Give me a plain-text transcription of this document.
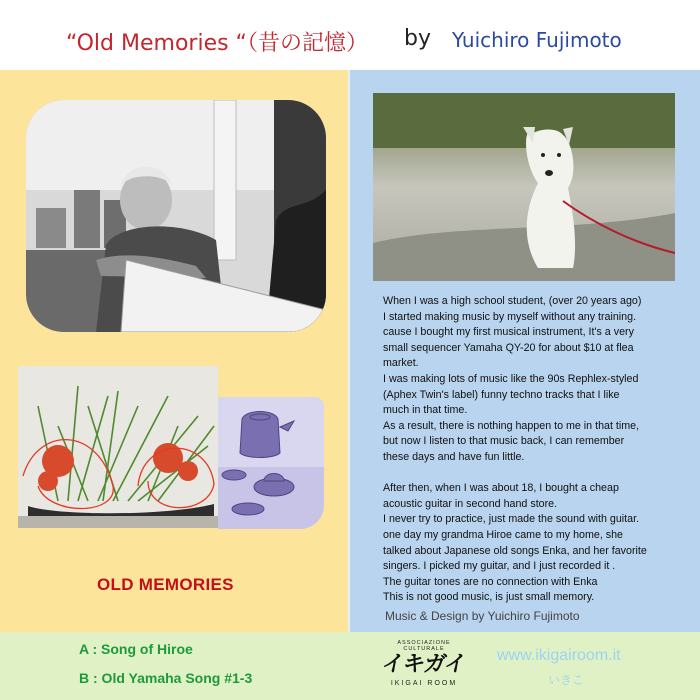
“Old Memories “（昔の記憶） by Yuichiro Fujimoto
OLD MEMORIES

When I was a high school student, (over 20 years ago)

I started making music by myself without any training.

cause I bought my first musical instrument, It's a very

small sequencer Yamaha QY-20 for about $10 at flea

market.

I was making lots of music like the 90s Rephlex-styled

(Aphex Twin's label) funny techno tracks that I like

much in that time.

As a result, there is nothing happen to me in that time,

but now I listen to that music back, I can remember

these days and have fun little.

After then, when I was about 18, I bought a cheap

acoustic guitar in second hand store.

I never try to practice, just made the sound with guitar.

one day my grandma Hiroe came to my home, she

talked about Japanese old songs Enka, and her favorite

singers. I picked my guitar, and I just recorded it .

The guitar tones are no connection with Enka

This is not good music, is just small memory.

Music & Design by Yuichiro Fujimoto
A : Song of Hiroe
B : Old Yamaha Song #1-3
ASSOCIAZIONE CULTURALE
イキガイ
IKIGAI ROOM
www.ikigairoom.it
いきこ
